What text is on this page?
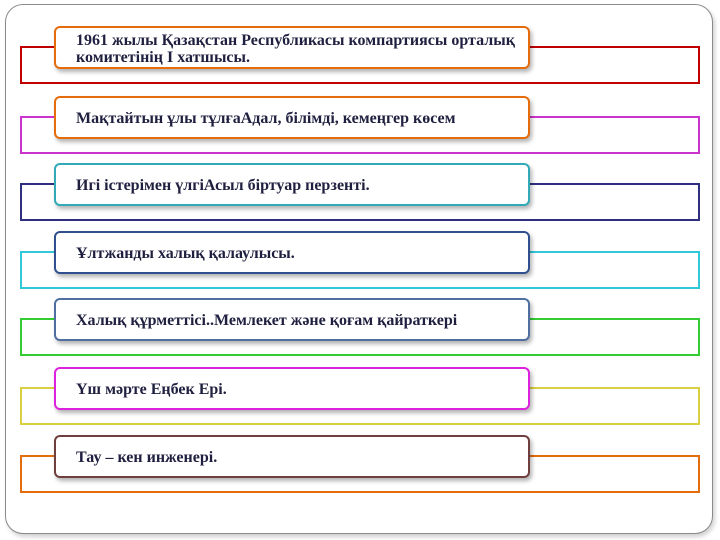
1961 жылы Қазақстан Республикасы компартиясы орталық комитетінің I хатшысы.
Мақтайтын ұлы тұлғаАдал, білімді, кемеңгер көсем
Игі істерімен үлгіАсыл біртуар перзенті.
Ұлтжанды халық қалаулысы.
Халық құрметтісі..Мемлекет және қоғам қайраткері
Үш мәрте Еңбек Ері.
Тау – кен инженері.
